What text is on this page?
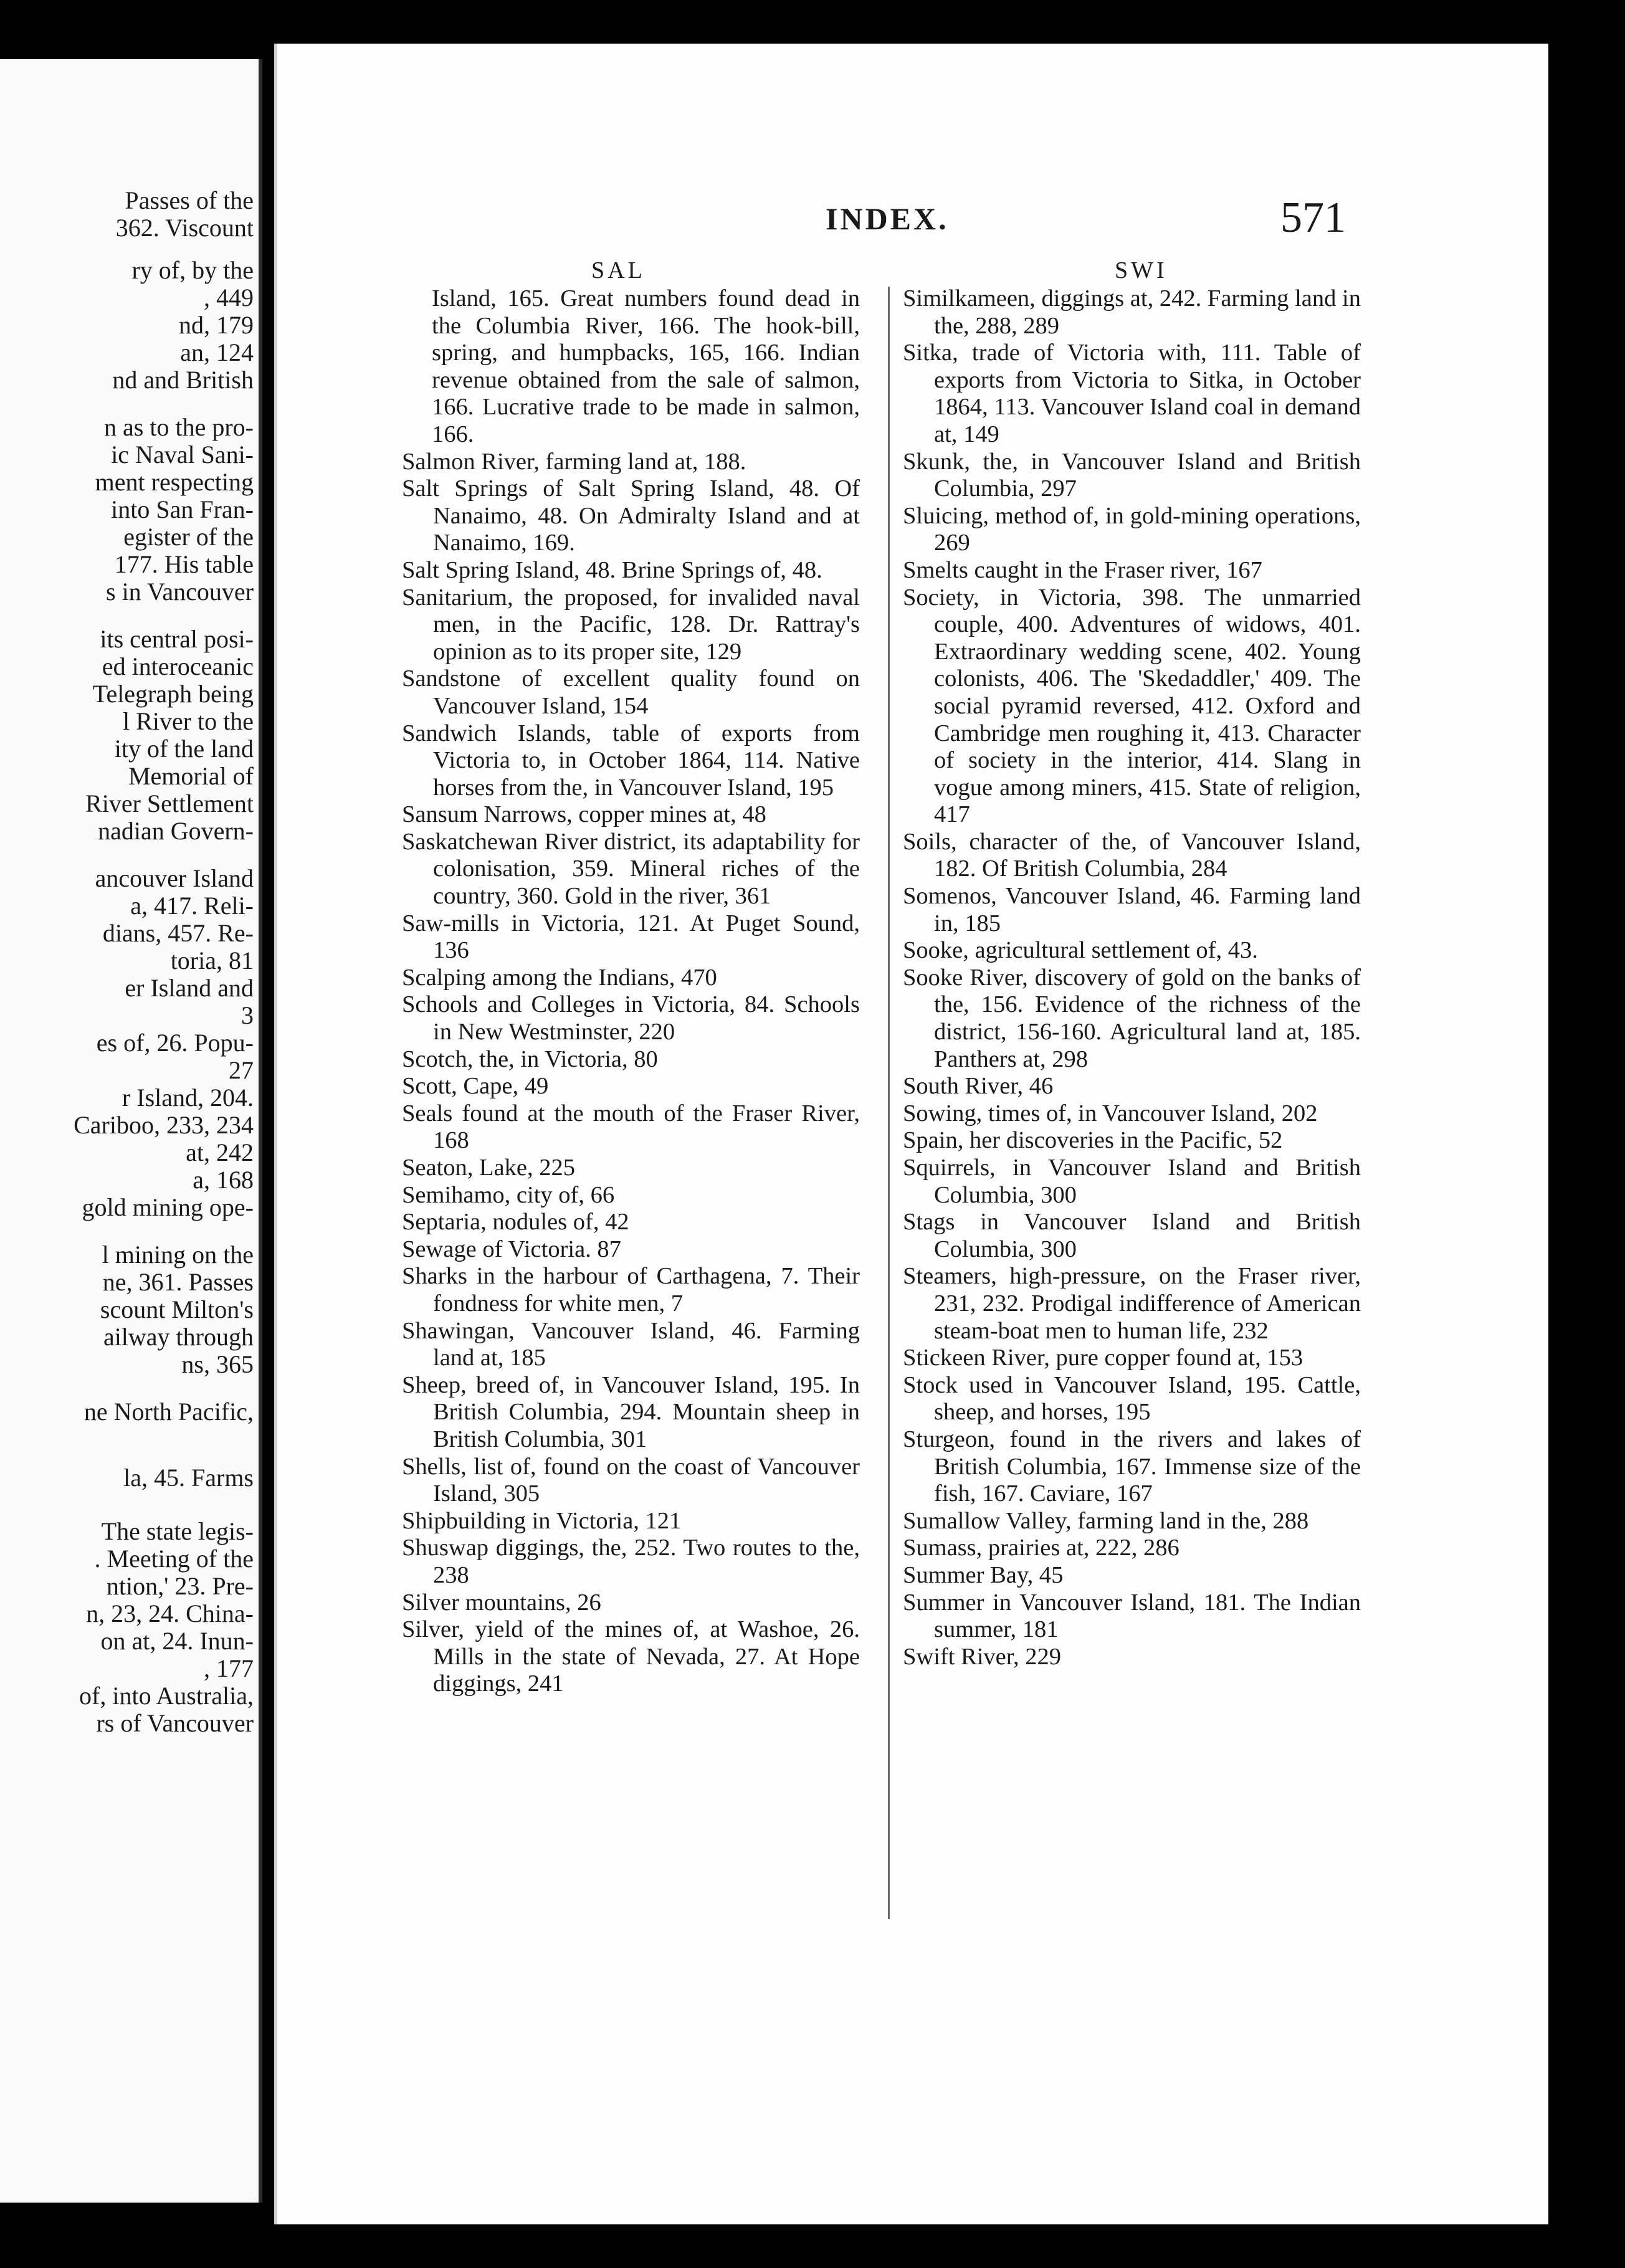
Passes of the
362. Viscount
ry of, by the
, 449
nd, 179
an, 124
nd and British
n as to the pro-
ic Naval Sani-
ment respecting
into San Fran-
egister of the
177. His table
s in Vancouver
its central posi-
ed interoceanic
Telegraph being
l River to the
ity of the land
Memorial of
River Settlement
nadian Govern-
ancouver Island
a, 417. Reli-
dians, 457. Re-
toria, 81
er Island and
3
es of, 26. Popu-
27
r Island, 204.
Cariboo, 233, 234
at, 242
a, 168
gold mining ope-
l mining on the
ne, 361. Passes
scount Milton's
ailway through
ns, 365
ne North Pacific,
la, 45. Farms
The state legis-
. Meeting of the
ntion,' 23. Pre-
n, 23, 24. China-
on at, 24. Inun-
, 177
of, into Australia,
rs of Vancouver
INDEX.	571
SAL	SWI
Island, 165. Great numbers found dead in the Columbia River, 166. The hook-bill, spring, and humpbacks, 165, 166. Indian revenue obtained from the sale of salmon, 166. Lucrative trade to be made in salmon, 166.
Salmon River, farming land at, 188.
Salt Springs of Salt Spring Island, 48. Of Nanaimo, 48. On Admiralty Island and at Nanaimo, 169.
Salt Spring Island, 48. Brine Springs of, 48.
Sanitarium, the proposed, for invalided naval men, in the Pacific, 128. Dr. Rattray's opinion as to its proper site, 129
Sandstone of excellent quality found on Vancouver Island, 154
Sandwich Islands, table of exports from Victoria to, in October 1864, 114. Native horses from the, in Vancouver Island, 195
Sansum Narrows, copper mines at, 48
Saskatchewan River district, its adaptability for colonisation, 359. Mineral riches of the country, 360. Gold in the river, 361
Saw-mills in Victoria, 121. At Puget Sound, 136
Scalping among the Indians, 470
Schools and Colleges in Victoria, 84. Schools in New Westminster, 220
Scotch, the, in Victoria, 80
Scott, Cape, 49
Seals found at the mouth of the Fraser River, 168
Seaton, Lake, 225
Semihamo, city of, 66
Septaria, nodules of, 42
Sewage of Victoria. 87
Sharks in the harbour of Carthagena, 7. Their fondness for white men, 7
Shawingan, Vancouver Island, 46. Farming land at, 185
Sheep, breed of, in Vancouver Island, 195. In British Columbia, 294. Mountain sheep in British Columbia, 301
Shells, list of, found on the coast of Vancouver Island, 305
Shipbuilding in Victoria, 121
Shuswap diggings, the, 252. Two routes to the, 238
Silver mountains, 26
Silver, yield of the mines of, at Washoe, 26. Mills in the state of Nevada, 27. At Hope diggings, 241
Similkameen, diggings at, 242. Farming land in the, 288, 289
Sitka, trade of Victoria with, 111. Table of exports from Victoria to Sitka, in October 1864, 113. Vancouver Island coal in demand at, 149
Skunk, the, in Vancouver Island and British Columbia, 297
Sluicing, method of, in gold-mining operations, 269
Smelts caught in the Fraser river, 167
Society, in Victoria, 398. The unmarried couple, 400. Adventures of widows, 401. Extraordinary wedding scene, 402. Young colonists, 406. The 'Skedaddler,' 409. The social pyramid reversed, 412. Oxford and Cambridge men roughing it, 413. Character of society in the interior, 414. Slang in vogue among miners, 415. State of religion, 417
Soils, character of the, of Vancouver Island, 182. Of British Columbia, 284
Somenos, Vancouver Island, 46. Farming land in, 185
Sooke, agricultural settlement of, 43.
Sooke River, discovery of gold on the banks of the, 156. Evidence of the richness of the district, 156-160. Agricultural land at, 185. Panthers at, 298
South River, 46
Sowing, times of, in Vancouver Island, 202
Spain, her discoveries in the Pacific, 52
Squirrels, in Vancouver Island and British Columbia, 300
Stags in Vancouver Island and British Columbia, 300
Steamers, high-pressure, on the Fraser river, 231, 232. Prodigal indifference of American steam-boat men to human life, 232
Stickeen River, pure copper found at, 153
Stock used in Vancouver Island, 195. Cattle, sheep, and horses, 195
Sturgeon, found in the rivers and lakes of British Columbia, 167. Immense size of the fish, 167. Caviare, 167
Sumallow Valley, farming land in the, 288
Sumass, prairies at, 222, 286
Summer Bay, 45
Summer in Vancouver Island, 181. The Indian summer, 181
Swift River, 229
